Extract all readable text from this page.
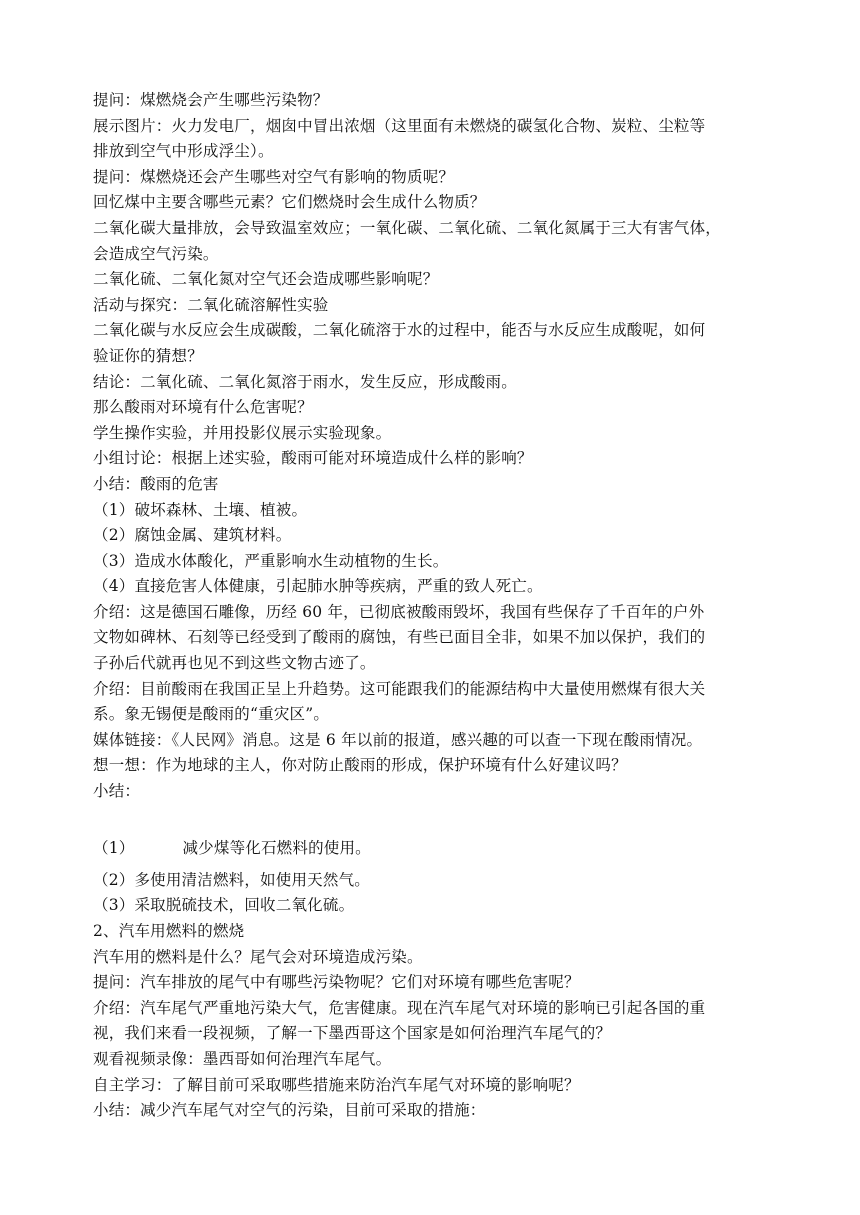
提问：煤燃烧会产生哪些污染物？
展示图片：火力发电厂，烟囱中冒出浓烟（这里面有未燃烧的碳氢化合物、炭粒、尘粒等
排放到空气中形成浮尘）。
提问：煤燃烧还会产生哪些对空气有影响的物质呢？
回忆煤中主要含哪些元素？它们燃烧时会生成什么物质？
二氧化碳大量排放，会导致温室效应；一氧化碳、二氧化硫、二氧化氮属于三大有害气体，
会造成空气污染。
二氧化硫、二氧化氮对空气还会造成哪些影响呢？
活动与探究：二氧化硫溶解性实验
二氧化碳与水反应会生成碳酸，二氧化硫溶于水的过程中，能否与水反应生成酸呢，如何
验证你的猜想？
结论：二氧化硫、二氧化氮溶于雨水，发生反应，形成酸雨。
那么酸雨对环境有什么危害呢？
学生操作实验，并用投影仪展示实验现象。
小组讨论：根据上述实验，酸雨可能对环境造成什么样的影响？
小结：酸雨的危害
（1）破坏森林、土壤、植被。
（2）腐蚀金属、建筑材料。
（3）造成水体酸化，严重影响水生动植物的生长。
（4）直接危害人体健康，引起肺水肿等疾病，严重的致人死亡。
介绍：这是德国石雕像，历经 60 年，已彻底被酸雨毁坏，我国有些保存了千百年的户外
文物如碑林、石刻等已经受到了酸雨的腐蚀，有些已面目全非，如果不加以保护，我们的
子孙后代就再也见不到这些文物古迹了。
介绍：目前酸雨在我国正呈上升趋势。这可能跟我们的能源结构中大量使用燃煤有很大关
系。象无锡便是酸雨的“重灾区”。
媒体链接：《人民网》消息。这是 6 年以前的报道，感兴趣的可以查一下现在酸雨情况。
想一想：作为地球的主人，你对防止酸雨的形成，保护环境有什么好建议吗？
小结：
（1）	减少煤等化石燃料的使用。
（2）多使用清洁燃料，如使用天然气。
（3）采取脱硫技术，回收二氧化硫。
2、汽车用燃料的燃烧
汽车用的燃料是什么？尾气会对环境造成污染。
提问：汽车排放的尾气中有哪些污染物呢？它们对环境有哪些危害呢？
介绍：汽车尾气严重地污染大气，危害健康。现在汽车尾气对环境的影响已引起各国的重
视，我们来看一段视频，了解一下墨西哥这个国家是如何治理汽车尾气的？
观看视频录像：墨西哥如何治理汽车尾气。
自主学习：了解目前可采取哪些措施来防治汽车尾气对环境的影响呢？
小结：减少汽车尾气对空气的污染，目前可采取的措施：
